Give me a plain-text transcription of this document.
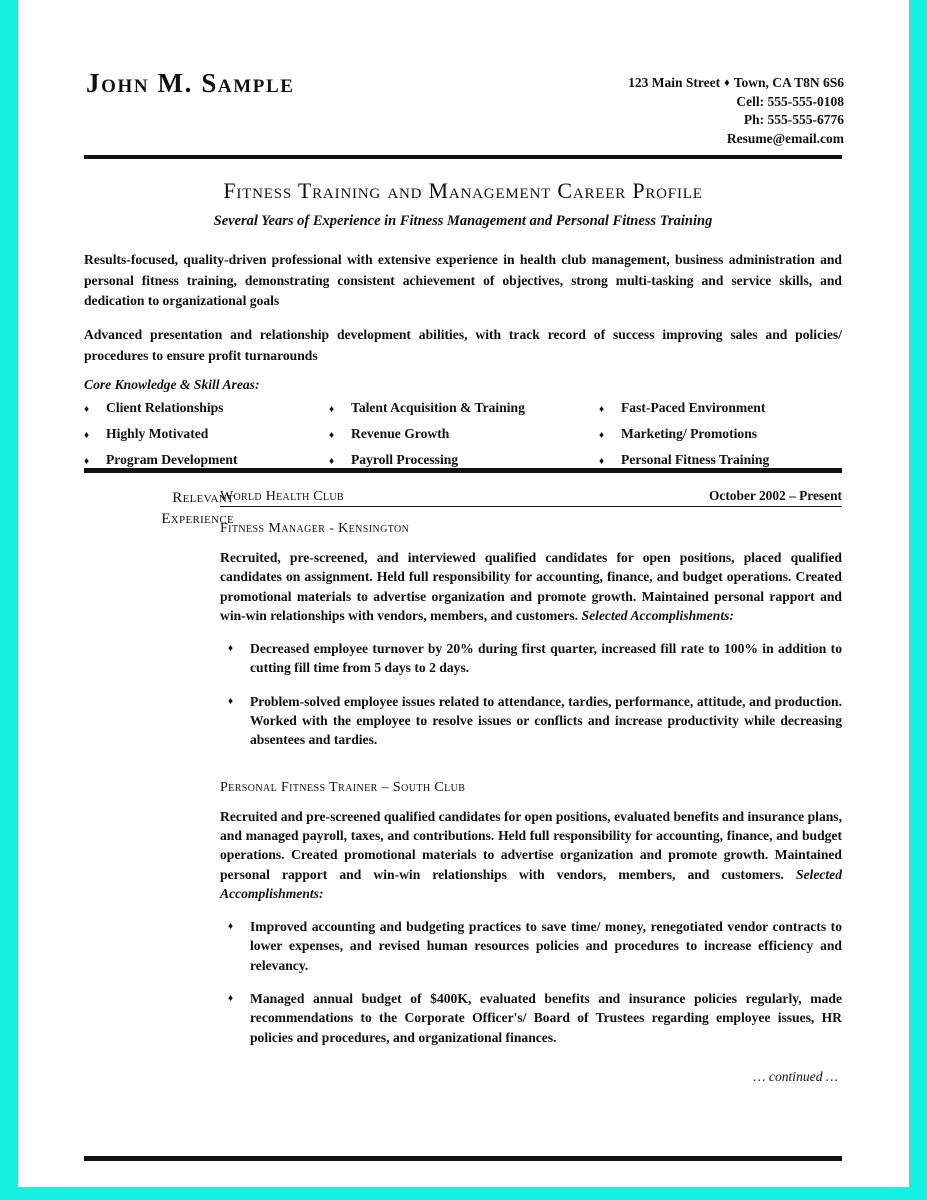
John M. Sample	123 Main Street ♦ Town, CA T8N 6S6
Cell: 555-555-0108
Ph: 555-555-6776
Resume@email.com
Fitness Training and Management Career Profile
Several Years of Experience in Fitness Management and Personal Fitness Training
Results-focused, quality-driven professional with extensive experience in health club management, business administration and personal fitness training, demonstrating consistent achievement of objectives, strong multi-tasking and service skills, and dedication to organizational goals
Advanced presentation and relationship development abilities, with track record of success improving sales and policies/ procedures to ensure profit turnarounds
Core Knowledge & Skill Areas:
♦	Client Relationships	♦	Talent Acquisition & Training	♦	Fast-Paced Environment
♦	Highly Motivated	♦	Revenue Growth	♦	Marketing/ Promotions
♦	Program Development	♦	Payroll Processing	♦	Personal Fitness Training
Relevant
Experience
World Health Club	October 2002 – Present
Fitness Manager - Kensington
Recruited, pre-screened, and interviewed qualified candidates for open positions, placed qualified candidates on assignment. Held full responsibility for accounting, finance, and budget operations. Created promotional materials to advertise organization and promote growth. Maintained personal rapport and win-win relationships with vendors, members, and customers. Selected Accomplishments:
♦	Decreased employee turnover by 20% during first quarter, increased fill rate to 100% in addition to cutting fill time from 5 days to 2 days.
♦	Problem-solved employee issues related to attendance, tardies, performance, attitude, and production. Worked with the employee to resolve issues or conflicts and increase productivity while decreasing absentees and tardies.
Personal Fitness Trainer – South Club
Recruited and pre-screened qualified candidates for open positions, evaluated benefits and insurance plans, and managed payroll, taxes, and contributions. Held full responsibility for accounting, finance, and budget operations. Created promotional materials to advertise organization and promote growth. Maintained personal rapport and win-win relationships with vendors, members, and customers. Selected Accomplishments:
♦	Improved accounting and budgeting practices to save time/ money, renegotiated vendor contracts to lower expenses, and revised human resources policies and procedures to increase efficiency and relevancy.
♦	Managed annual budget of $400K, evaluated benefits and insurance policies regularly, made recommendations to the Corporate Officer's/ Board of Trustees regarding employee issues, HR policies and procedures, and organizational finances.
… continued …
